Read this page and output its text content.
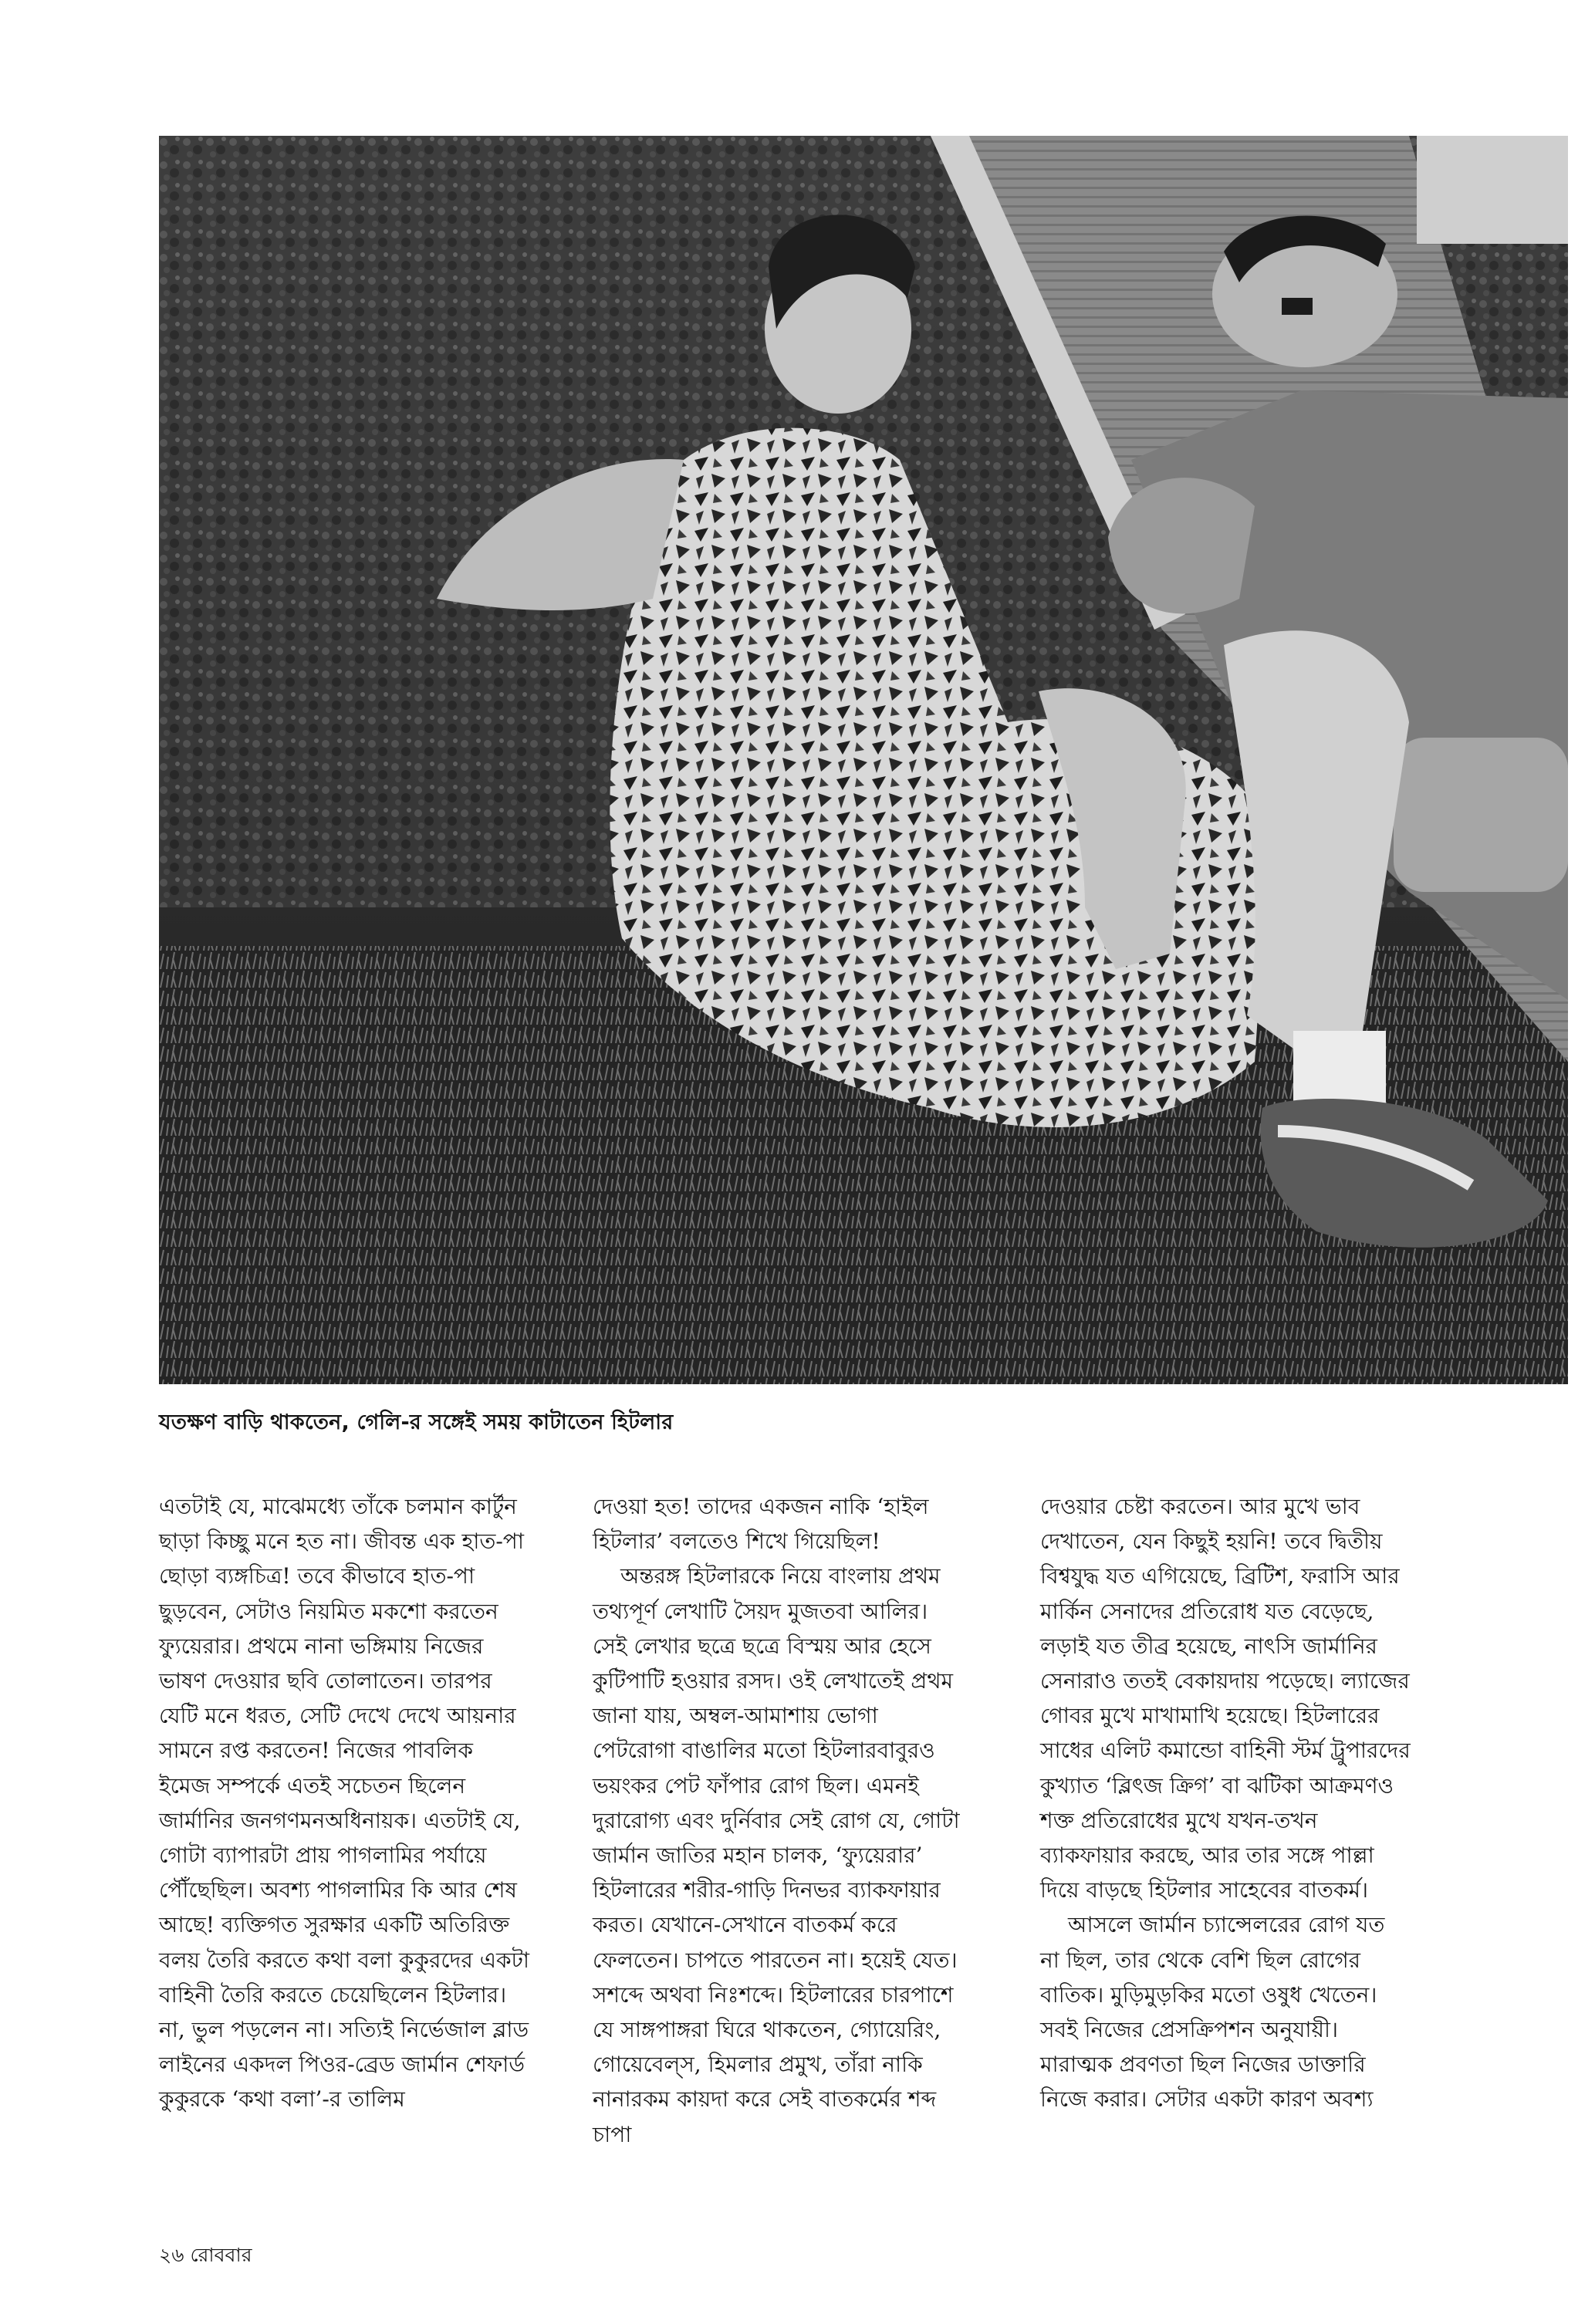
যতক্ষণ বাড়ি থাকতেন, গেলি-র সঙ্গেই সময় কাটাতেন হিটলার

এতটাই যে, মাঝেমধ্যে তাঁকে চলমান কার্টুন ছাড়া কিচ্ছু মনে হত না। জীবন্ত এক হাত-পা ছোড়া ব্যঙ্গচিত্র! তবে কীভাবে হাত-পা ছুড়বেন, সেটাও নিয়মিত মকশো করতেন ফ্যুয়েরার। প্রথমে নানা ভঙ্গিমায় নিজের ভাষণ দেওয়ার ছবি তোলাতেন। তারপর যেটি মনে ধরত, সেটি দেখে দেখে আয়নার সামনে রপ্ত করতেন! নিজের পাবলিক ইমেজ সম্পর্কে এতই সচেতন ছিলেন জার্মানির জনগণমনঅধিনায়ক। এতটাই যে, গোটা ব্যাপারটা প্রায় পাগলামির পর্যায়ে পৌঁছেছিল। অবশ্য পাগলামির কি আর শেষ আছে! ব্যক্তিগত সুরক্ষার একটি অতিরিক্ত বলয় তৈরি করতে কথা বলা কুকুরদের একটা বাহিনী তৈরি করতে চেয়েছিলেন হিটলার। না, ভুল পড়লেন না। সত্যিই নির্ভেজাল ব্লাড লাইনের একদল পিওর-ব্রেড জার্মান শেফার্ড কুকুরকে ‘কথা বলা’-র তালিম

দেওয়া হত! তাদের একজন নাকি ‘হাইল হিটলার’ বলতেও শিখে গিয়েছিল!

অন্তরঙ্গ হিটলারকে নিয়ে বাংলায় প্রথম তথ্যপূর্ণ লেখাটি সৈয়দ মুজতবা আলির। সেই লেখার ছত্রে ছত্রে বিস্ময় আর হেসে কুটিপাটি হওয়ার রসদ। ওই লেখাতেই প্রথম জানা যায়, অম্বল-আমাশায় ভোগা পেটরোগা বাঙালির মতো হিটলারবাবুরও ভয়ংকর পেট ফাঁপার রোগ ছিল। এমনই দুরারোগ্য এবং দুর্নিবার সেই রোগ যে, গোটা জার্মান জাতির মহান চালক, ‘ফ্যুয়েরার’ হিটলারের শরীর-গাড়ি দিনভর ব্যাকফায়ার করত। যেখানে-সেখানে বাতকর্ম করে ফেলতেন। চাপতে পারতেন না। হয়েই যেত। সশব্দে অথবা নিঃশব্দে। হিটলারের চারপাশে যে সাঙ্গপাঙ্গরা ঘিরে থাকতেন, গ্যোয়েরিং, গোয়েবেল্স, হিমলার প্রমুখ, তাঁরা নাকি নানারকম কায়দা করে সেই বাতকর্মের শব্দ চাপা

দেওয়ার চেষ্টা করতেন। আর মুখে ভাব দেখাতেন, যেন কিছুই হয়নি! তবে দ্বিতীয় বিশ্বযুদ্ধ যত এগিয়েছে, ব্রিটিশ, ফরাসি আর মার্কিন সেনাদের প্রতিরোধ যত বেড়েছে, লড়াই যত তীব্র হয়েছে, নাৎসি জার্মানির সেনারাও ততই বেকায়দায় পড়েছে। ল্যাজের গোবর মুখে মাখামাখি হয়েছে। হিটলারের সাধের এলিট কমান্ডো বাহিনী স্টর্ম ট্রুপারদের কুখ্যাত ‘ব্লিৎজ ক্রিগ’ বা ঝটিকা আক্রমণও শক্ত প্রতিরোধের মুখে যখন-তখন ব্যাকফায়ার করছে, আর তার সঙ্গে পাল্লা দিয়ে বাড়ছে হিটলার সাহেবের বাতকর্ম।

আসলে জার্মান চ্যান্সেলরের রোগ যত না ছিল, তার থেকে বেশি ছিল রোগের বাতিক। মুড়িমুড়কির মতো ওষুধ খেতেন। সবই নিজের প্রেসক্রিপশন অনুযায়ী। মারাত্মক প্রবণতা ছিল নিজের ডাক্তারি নিজে করার। সেটার একটা কারণ অবশ্য

২৬ রোববার
